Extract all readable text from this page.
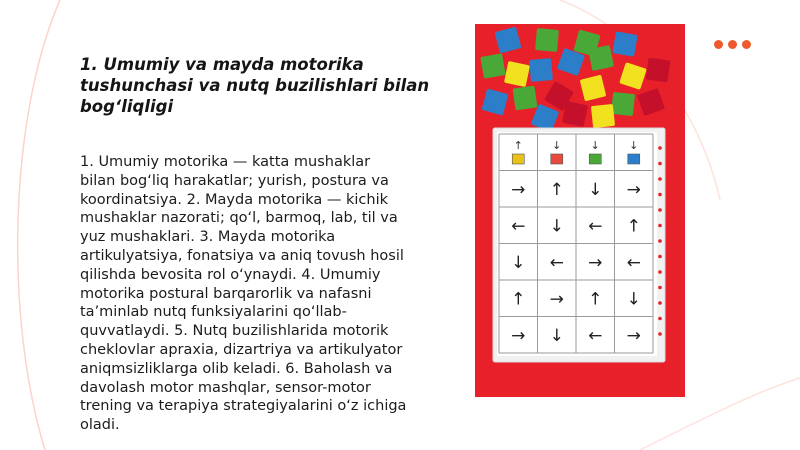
1. Umumiy va mayda motorika tushunchasi va nutq buzilishlari bilan bog‘liqligi

1. Umumiy motorika — katta mushaklar bilan bog‘liq harakatlar; yurish, postura va koordinatsiya. 2. Mayda motorika — kichik mushaklar nazorati; qo‘l, barmoq, lab, til va yuz mushaklari. 3. Mayda motorika artikulyatsiya, fonatsiya va aniq tovush hosil qilishda bevosita rol o‘ynaydi. 4. Umumiy motorika postural barqarorlik va nafasni ta’minlab nutq funksiyalarini qo‘llab-quvvatlaydi. 5. Nutq buzilishlarida motorik cheklovlar apraxia, dizartriya va artikulyator aniqmsizliklarga olib keladi. 6. Baholash va davolash motor mashqlar, sensor-motor trening va terapiya strategiyalarini o‘z ichiga oladi.

↑	↓	↓	↓
→ ↑ ↓ →
← ↓ ← ↑
↓ ← → ←
↑ → ↑ ↓
→ ↓ ← →
